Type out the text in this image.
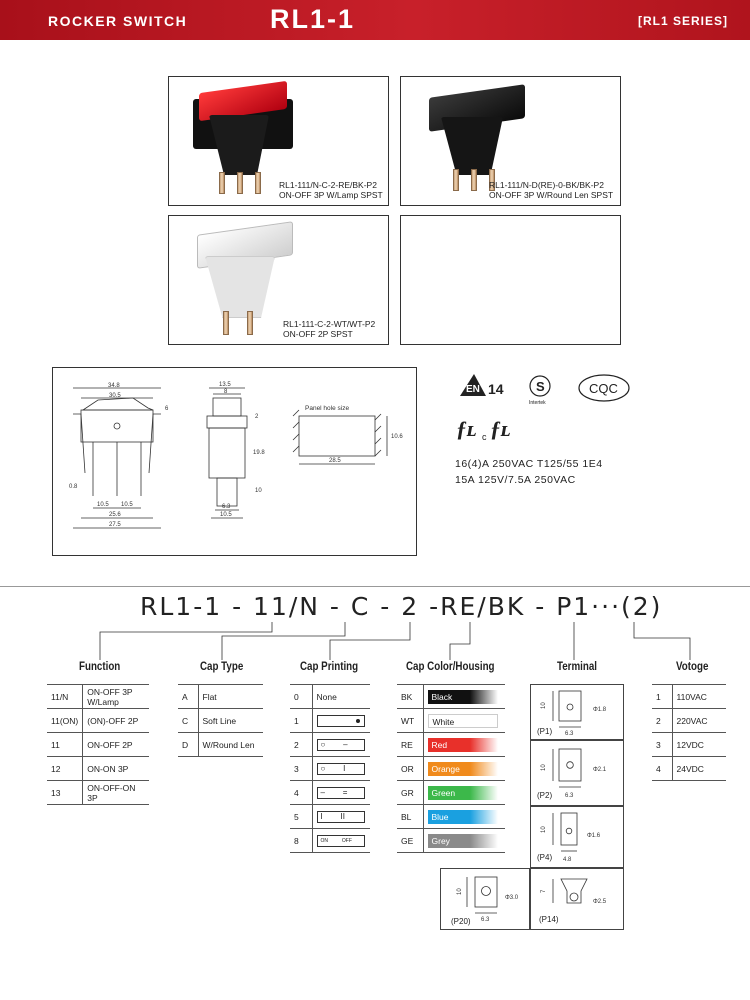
ROCKER SWITCH	RL1-1	[RL1 SERIES]
RL1-111/N-C-2-RE/BK-P2
ON-OFF 3P W/Lamp SPST
RL1-111/N-D(RE)-0-BK/BK-P2
ON-OFF 3P W/Round Len SPST
RL1-111-C-2-WT/WT-P2
ON-OFF 2P SPST
34.8
30.5
6
0.8
10.5 10.5
25.6
27.5
13.5
8
2
19.8
10
6.3
10.5
10.6
28.5
Panel hole size
EN 14 S
Intertek
CQC
ƒʟ c ƒʟ
16(4)A 250VAC T125/55 1E4
15A 125V/7.5A 250VAC
RL1-1 - 11/N - C - 2 -RE/BK - P1···(2)
Function	Cap Type	Cap Printing	Cap Color/Housing	Terminal	Votoge
11/N	ON-OFF 3P W/Lamp
11(ON)	(ON)-OFF 2P
11	ON-OFF 2P
12	ON-ON 3P
13	ON-OFF-ON 3P
A	Flat
C	Soft Line
D	W/Round Len
0	None
1	

2	○        –

3	○        I

4	–        =

5	I        II

8	ON          OFF
BK	Black
WT	White
RE	Red
OR	Orange
GR	Green
BL	Blue
GE	Grey
10
Φ1.8
6.3
(P1)
10	Φ2.1
6.3
(P2)
10
Φ1.6
4.8
(P4)
10
Φ3.0
6.3
(P20)
7
Φ2.5
(P14)
1	110VAC
2	220VAC
3	12VDC
4	24VDC
